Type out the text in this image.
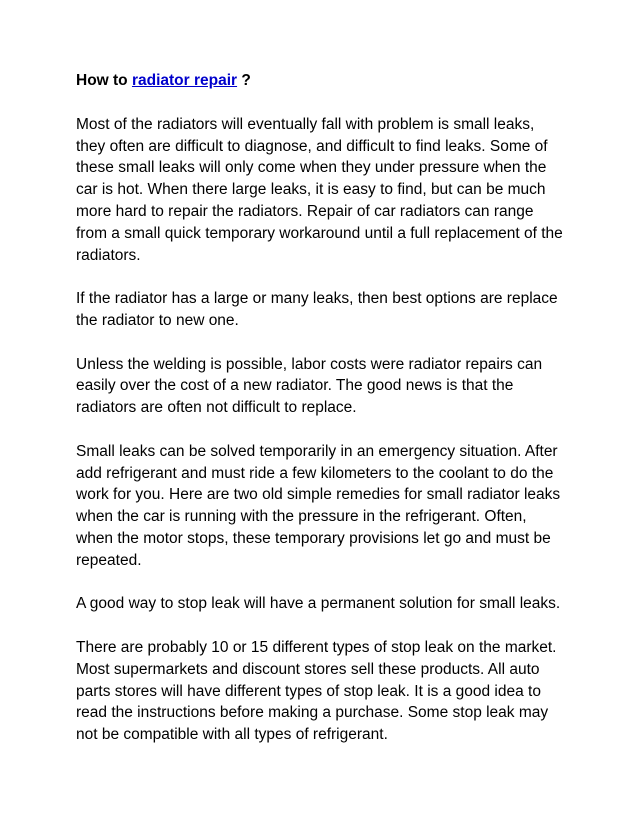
How to radiator repair ?

Most of the radiators will eventually fall with problem is small leaks, they often are difficult to diagnose, and difficult to find leaks. Some of these small leaks will only come when they under pressure when the car is hot. When there large leaks, it is easy to find, but can be much more hard to repair the radiators. Repair of car radiators can range from a small quick temporary workaround until a full replacement of the radiators.

If the radiator has a large or many leaks, then best options are replace the radiator to new one.

Unless the welding is possible, labor costs were radiator repairs can easily over the cost of a new radiator. The good news is that the radiators are often not difficult to replace.

Small leaks can be solved temporarily in an emergency situation. After add refrigerant and must ride a few kilometers to the coolant to do the work for you. Here are two old simple remedies for small radiator leaks when the car is running with the pressure in the refrigerant. Often, when the motor stops, these temporary provisions let go and must be repeated.

A good way to stop leak will have a permanent solution for small leaks.

There are probably 10 or 15 different types of stop leak on the market. Most supermarkets and discount stores sell these products. All auto parts stores will have different types of stop leak. It is a good idea to read the instructions before making a purchase. Some stop leak may not be compatible with all types of refrigerant.
